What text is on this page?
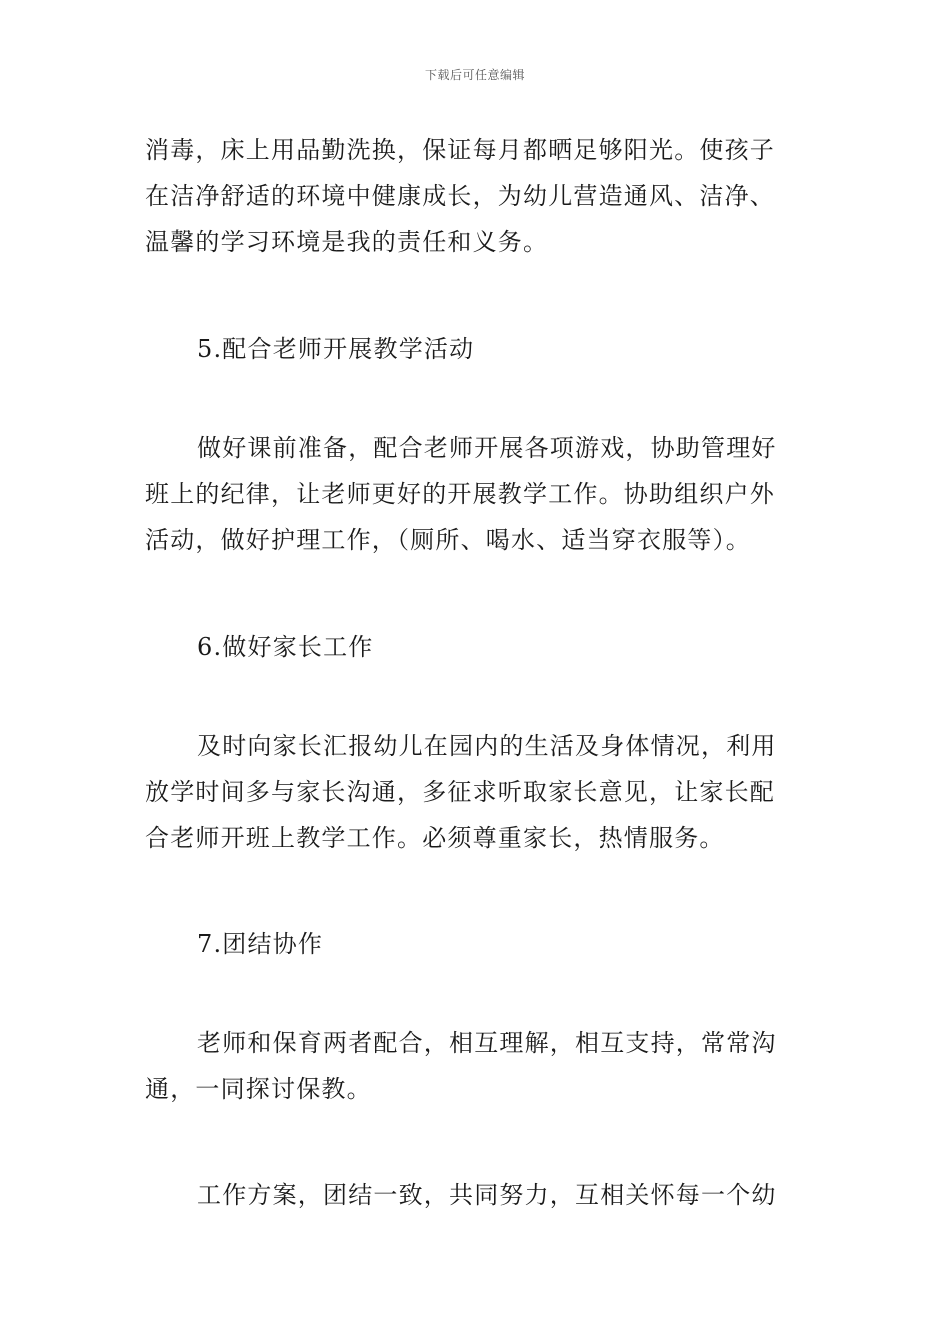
下载后可任意编辑
消毒，床上用品勤洗换，保证每月都晒足够阳光。使孩子
在洁净舒适的环境中健康成长，为幼儿营造通风、洁净、
温馨的学习环境是我的责任和义务。
5.配合老师开展教学活动
做好课前准备，配合老师开展各项游戏，协助管理好
班上的纪律，让老师更好的开展教学工作。协助组织户外
活动，做好护理工作，（厕所、喝水、适当穿衣服等）。
6.做好家长工作
及时向家长汇报幼儿在园内的生活及身体情况，利用
放学时间多与家长沟通，多征求听取家长意见，让家长配
合老师开班上教学工作。必须尊重家长，热情服务。
7.团结协作
老师和保育两者配合，相互理解，相互支持，常常沟
通，一同探讨保教。
工作方案，团结一致，共同努力，互相关怀每一个幼
